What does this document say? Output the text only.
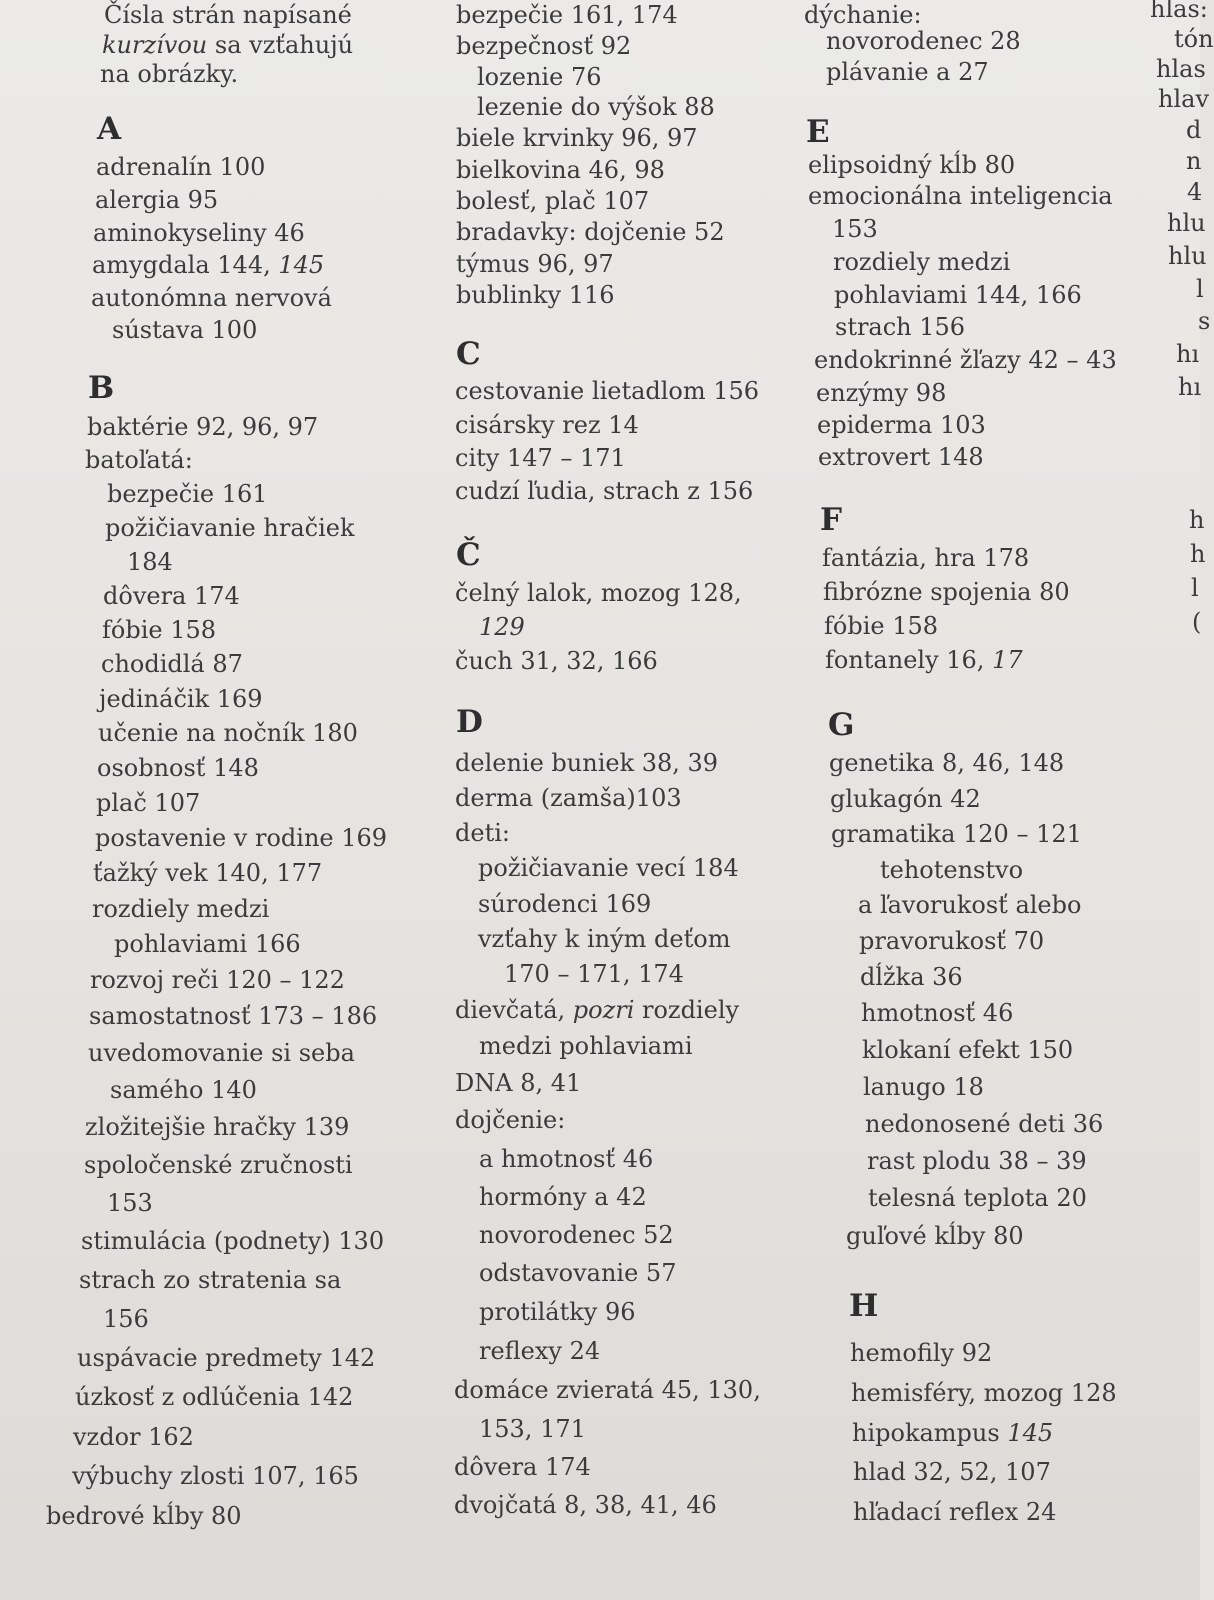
Čísla strán napísané
kurzívou sa vzťahujú
na obrázky.
A
adrenalín 100
alergia 95
aminokyseliny 46
amygdala 144, 145
autonómna nervová
sústava 100
B
baktérie 92, 96, 97
batoľatá:
bezpečie 161
požičiavanie hračiek
184
dôvera 174
fóbie 158
chodidlá 87
jedináčik 169
učenie na nočník 180
osobnosť 148
plač 107
postavenie v rodine 169
ťažký vek 140, 177
rozdiely medzi
pohlaviami 166
rozvoj reči 120 – 122
samostatnosť 173 – 186
uvedomovanie si seba
samého 140
zložitejšie hračky 139
spoločenské zručnosti
153
stimulácia (podnety) 130
strach zo stratenia sa
156
uspávacie predmety 142
úzkosť z odlúčenia 142
vzdor 162
výbuchy zlosti 107, 165
bedrové kĺby 80
bezpečie 161, 174
bezpečnosť 92
lozenie 76
lezenie do výšok 88
biele krvinky 96, 97
bielkovina 46, 98
bolesť, plač 107
bradavky: dojčenie 52
týmus 96, 97
bublinky 116
C
cestovanie lietadlom 156
cisársky rez 14
city 147 – 171
cudzí ľudia, strach z 156
Č
čelný lalok, mozog 128,
129
čuch 31, 32, 166
D
delenie buniek 38, 39
derma (zamša)103
deti:
požičiavanie vecí 184
súrodenci 169
vzťahy k iným deťom
170 – 171, 174
dievčatá, pozri rozdiely
medzi pohlaviami
DNA 8, 41
dojčenie:
a hmotnosť 46
hormóny a 42
novorodenec 52
odstavovanie 57
protilátky 96
reflexy 24
domáce zvieratá 45, 130,
153, 171
dôvera 174
dvojčatá 8, 38, 41, 46
dýchanie:
novorodenec 28
plávanie a 27
E
elipsoidný kĺb 80
emocionálna inteligencia
153
rozdiely medzi
pohlaviami 144, 166
strach 156
endokrinné žľazy 42 – 43
enzýmy 98
epiderma 103
extrovert 148
F
fantázia, hra 178
fibrózne spojenia 80
fóbie 158
fontanely 16, 17
G
genetika 8, 46, 148
glukagón 42
gramatika 120 – 121
tehotenstvo
a ľavorukosť alebo
pravorukosť 70
dĺžka 36
hmotnosť 46
klokaní efekt 150
lanugo 18
nedonosené deti 36
rast plodu 38 – 39
telesná teplota 20
guľové kĺby 80
H
hemofily 92
hemisféry, mozog 128
hipokampus 145
hlad 32, 52, 107
hľadací reflex 24
hlas:
tón
hlas
hlav
d
n
4
hlu
hlu
l
s
hı
hı
h
h
l
(
